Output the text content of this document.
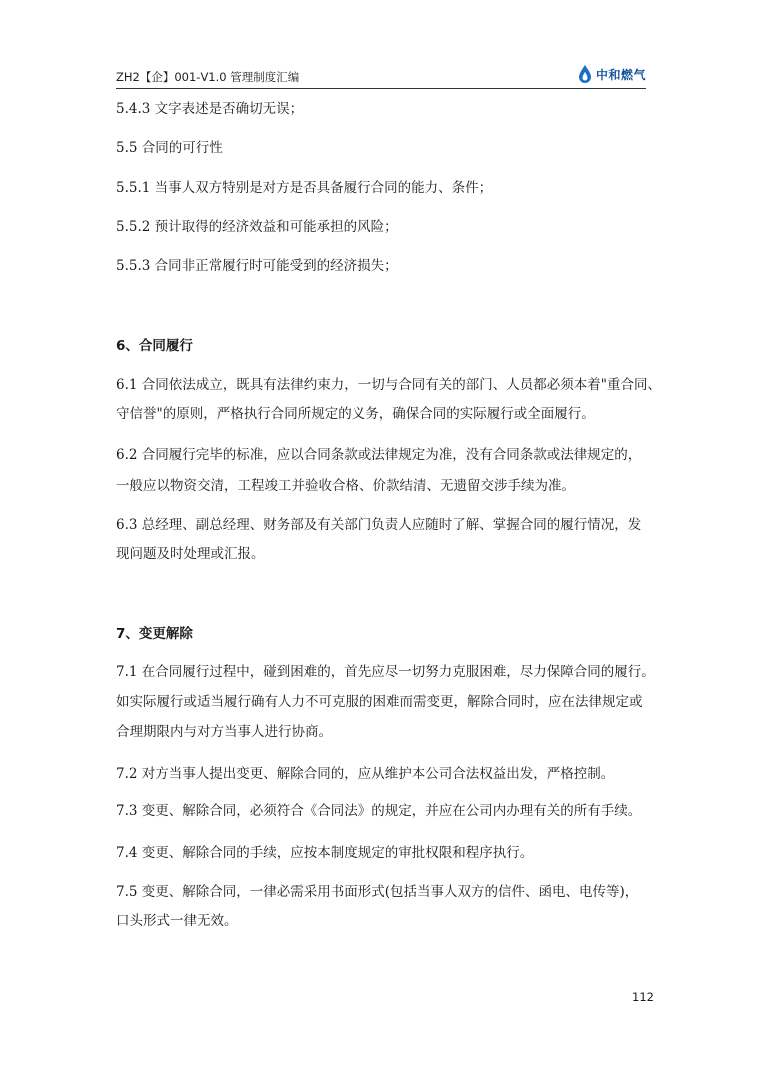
ZH2【企】001-V1.0 管理制度汇编	中和燃气
5.4.3 文字表述是否确切无误；
5.5 合同的可行性
5.5.1 当事人双方特别是对方是否具备履行合同的能力、条件；
5.5.2 预计取得的经济效益和可能承担的风险；
5.5.3 合同非正常履行时可能受到的经济损失；
6、合同履行
6.1 合同依法成立，既具有法律约束力，一切与合同有关的部门、人员都必须本着"重合同、
守信誉"的原则，严格执行合同所规定的义务，确保合同的实际履行或全面履行。
6.2 合同履行完毕的标准，应以合同条款或法律规定为准，没有合同条款或法律规定的，
一般应以物资交清，工程竣工并验收合格、价款结清、无遗留交涉手续为准。
6.3 总经理、副总经理、财务部及有关部门负责人应随时了解、掌握合同的履行情况，发
现问题及时处理或汇报。
7、变更解除
7.1 在合同履行过程中，碰到困难的，首先应尽一切努力克服困难，尽力保障合同的履行。
如实际履行或适当履行确有人力不可克服的困难而需变更，解除合同时，应在法律规定或
合理期限内与对方当事人进行协商。
7.2 对方当事人提出变更、解除合同的，应从维护本公司合法权益出发，严格控制。
7.3 变更、解除合同，必须符合《合同法》的规定，并应在公司内办理有关的所有手续。
7.4 变更、解除合同的手续，应按本制度规定的审批权限和程序执行。
7.5 变更、解除合同，一律必需采用书面形式(包括当事人双方的信件、函电、电传等)，
口头形式一律无效。
112
